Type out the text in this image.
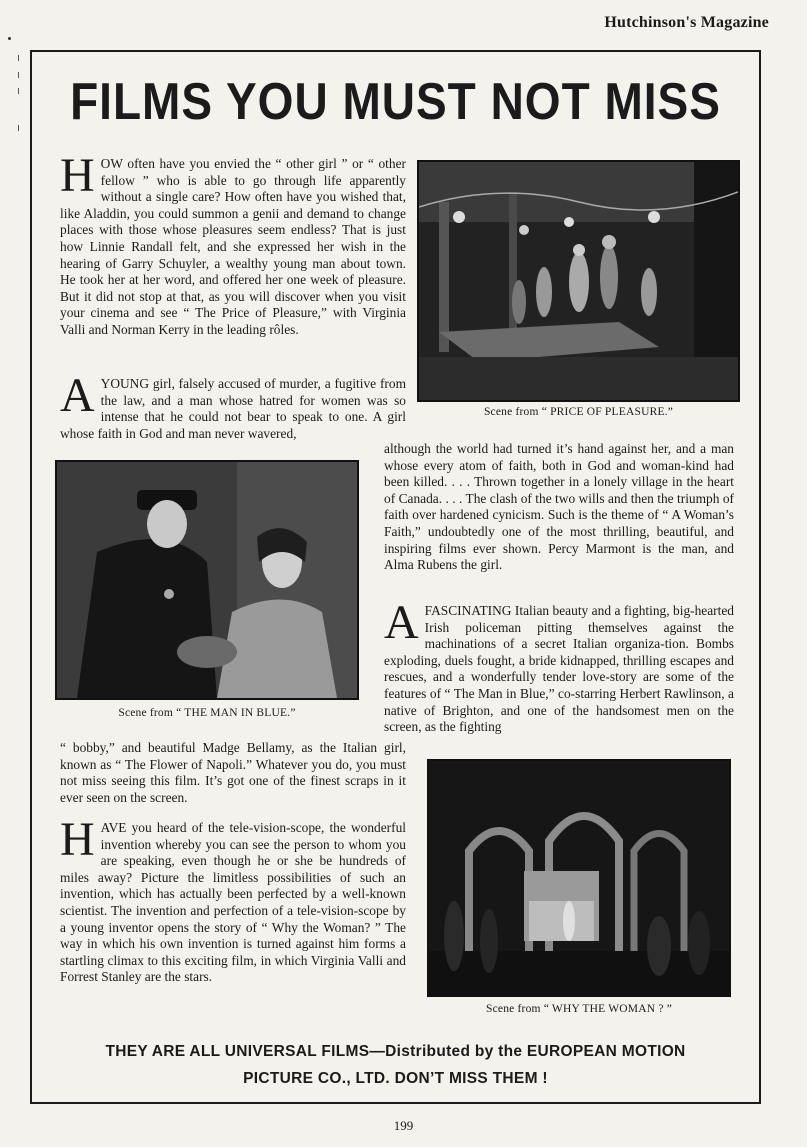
Hutchinson's Magazine
FILMS YOU MUST NOT MISS

HOW often have you envied the “ other girl ” or “ other fellow ” who is able to go through life apparently without a single care? How often have you wished that, like Aladdin, you could summon a genii and demand to change places with those whose pleasures seem endless? That is just how Linnie Randall felt, and she expressed her wish in the hearing of Garry Schuyler, a wealthy young man about town. He took her at her word, and offered her one week of pleasure. But it did not stop at that, as you will discover when you visit your cinema and see “ The Price of Pleasure,” with Virginia Valli and Norman Kerry in the leading rôles.

Scene from “ PRICE OF PLEASURE.”

AYOUNG girl, falsely accused of murder, a fugitive from the law, and a man whose hatred for women was so intense that he could not bear to speak to one. A girl whose faith in God and man never wavered,

Scene from “ THE MAN IN BLUE.”

although the world had turned it’s hand against her, and a man whose every atom of faith, both in God and woman-kind had been killed. . . . Thrown together in a lonely village in the heart of Canada. . . . The clash of the two wills and then the triumph of faith over hardened cynicism. Such is the theme of “ A Woman’s Faith,” undoubtedly one of the most thrilling, beautiful, and inspiring films ever shown. Percy Marmont is the man, and Alma Rubens the girl.

AFASCINATING Italian beauty and a fighting, big-hearted Irish policeman pitting themselves against the machinations of a secret Italian organiza-tion. Bombs exploding, duels fought, a bride kidnapped, thrilling escapes and rescues, and a wonderfully tender love-story are some of the features of “ The Man in Blue,” co-starring Herbert Rawlinson, a native of Brighton, and one of the handsomest men on the screen, as the fighting

“ bobby,” and beautiful Madge Bellamy, as the Italian girl, known as “ The Flower of Napoli.” Whatever you do, you must not miss seeing this film. It’s got one of the finest scraps in it ever seen on the screen.

Scene from “ WHY THE WOMAN ? ”

HAVE you heard of the tele-vision-scope, the wonderful invention whereby you can see the person to whom you are speaking, even though he or she be hundreds of miles away? Picture the limitless possibilities of such an invention, which has actually been perfected by a well-known scientist. The invention and perfection of a tele-vision-scope by a young inventor opens the story of “ Why the Woman? ” The way in which his own invention is turned against him forms a startling climax to this exciting film, in which Virginia Valli and Forrest Stanley are the stars.

THEY ARE ALL UNIVERSAL FILMS—Distributed by the EUROPEAN MOTION
PICTURE CO., LTD. DON’T MISS THEM !
199
